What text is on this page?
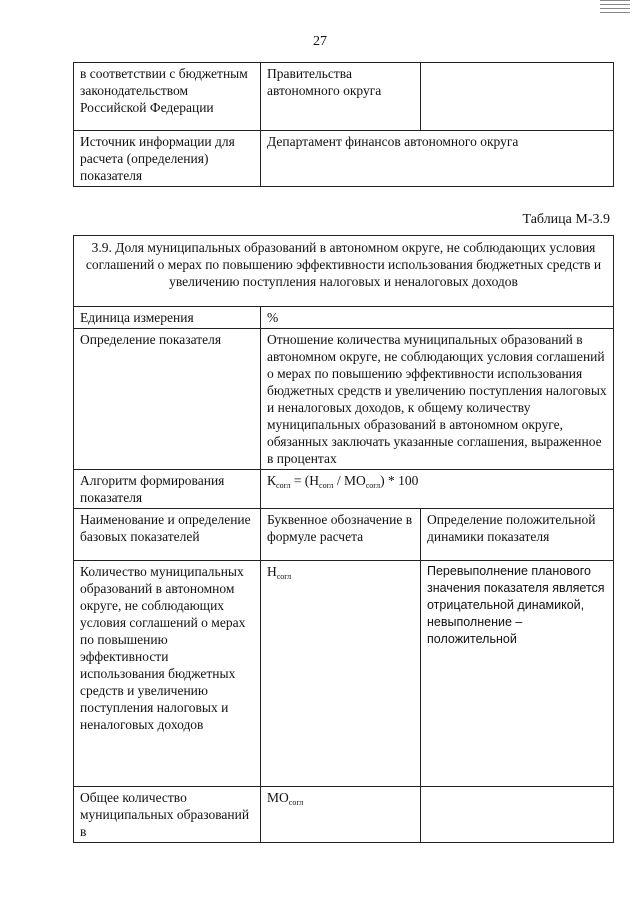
27
в соответствии с бюджетным законодательством Российской Федерации	Правительства автономного округа	
Источник информации для расчета (определения) показателя	Департамент финансов автономного округа	
Таблица М-3.9
3.9. Доля муниципальных образований в автономном округе, не соблюдающих условия соглашений о мерах по повышению эффективности использования бюджетных средств и увеличению поступления налоговых и неналоговых доходов		
Единица измерения	%	
Определение показателя	Отношение количества муниципальных образований в автономном округе, не соблюдающих условия соглашений о мерах по повышению эффективности использования бюджетных средств и увеличению поступления налоговых и неналоговых доходов, к общему количеству муниципальных образований в автономном округе, обязанных заключать указанные соглашения, выраженное в процентах	
Алгоритм формирования показателя	$К_{согл} = (Н_{согл} / МО_{согл}) * 100$	
Наименование и определение базовых показателей	Буквенное обозначение в формуле расчета	Определение положительной динамики показателя
Количество муниципальных образований в автономном округе, не соблюдающих условия соглашений о мерах по повышению эффективности использования бюджетных средств и увеличению поступления налоговых и неналоговых доходов	$Н_{согл}$	Перевыполнение планового значения показателя является отрицательной динамикой, невыполнение – положительной
Общее количество муниципальных образований в	$МО_{согл}$	
